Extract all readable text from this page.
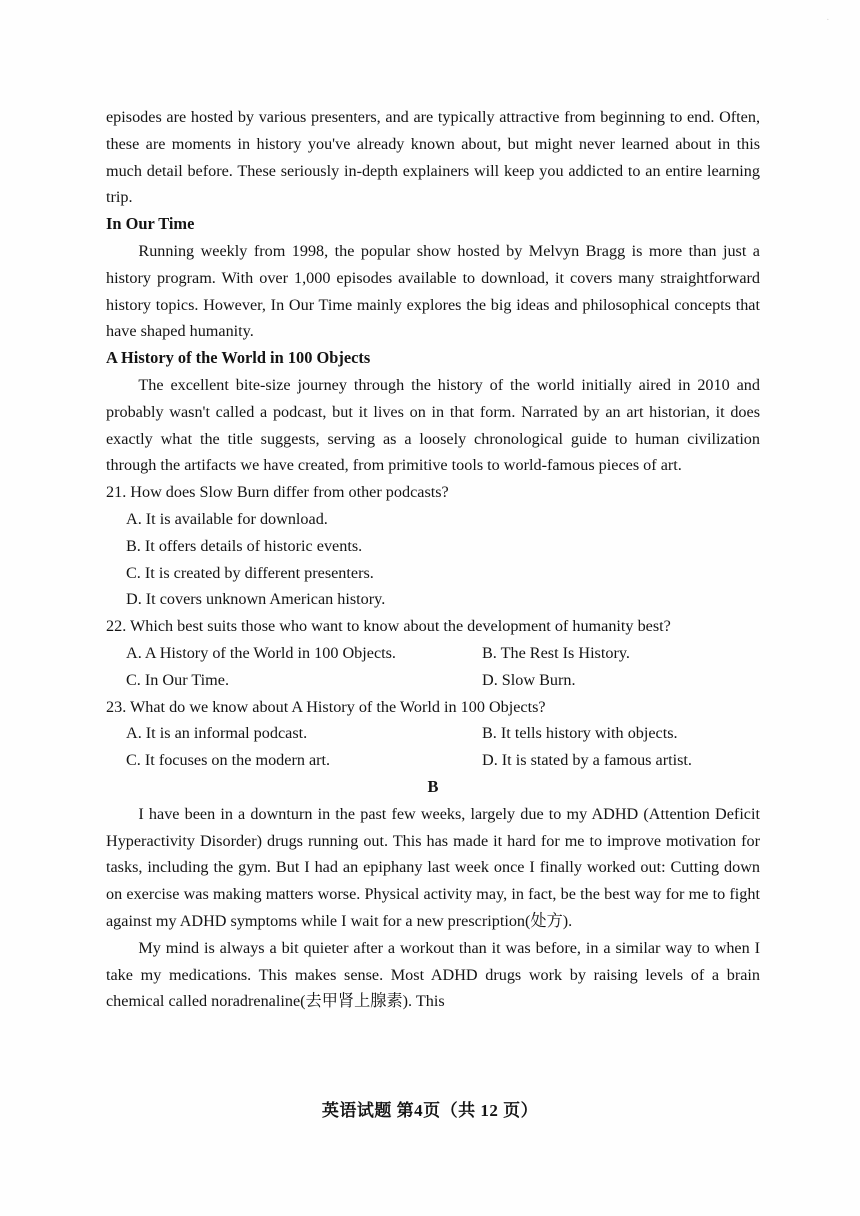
·

episodes are hosted by various presenters, and are typically attractive from beginning to end. Often, these are moments in history you've already known about, but might never learned about in this much detail before. These seriously in-depth explainers will keep you addicted to an entire learning trip.

In Our Time

Running weekly from 1998, the popular show hosted by Melvyn Bragg is more than just a history program. With over 1,000 episodes available to download, it covers many straightforward history topics. However, In Our Time mainly explores the big ideas and philosophical concepts that have shaped humanity.

A History of the World in 100 Objects

The excellent bite-size journey through the history of the world initially aired in 2010 and probably wasn't called a podcast, but it lives on in that form. Narrated by an art historian, it does exactly what the title suggests, serving as a loosely chronological guide to human civilization through the artifacts we have created, from primitive tools to world-famous pieces of art.

21. How does Slow Burn differ from other podcasts?
A. It is available for download.
B. It offers details of historic events.
C. It is created by different presenters.
D. It covers unknown American history.
22. Which best suits those who want to know about the development of humanity best?
A. A History of the World in 100 Objects.	B. The Rest Is History.
C. In Our Time.	D. Slow Burn.
23. What do we know about A History of the World in 100 Objects?
A. It is an informal podcast.	B. It tells history with objects.
C. It focuses on the modern art.	D. It is stated by a famous artist.
B

I have been in a downturn in the past few weeks, largely due to my ADHD (Attention Deficit Hyperactivity Disorder) drugs running out. This has made it hard for me to improve motivation for tasks, including the gym. But I had an epiphany last week once I finally worked out: Cutting down on exercise was making matters worse. Physical activity may, in fact, be the best way for me to fight against my ADHD symptoms while I wait for a new prescription(处方).

My mind is always a bit quieter after a workout than it was before, in a similar way to when I take my medications. This makes sense. Most ADHD drugs work by raising levels of a brain chemical called noradrenaline(去甲肾上腺素). This

英语试题 第4页（共 12 页）
